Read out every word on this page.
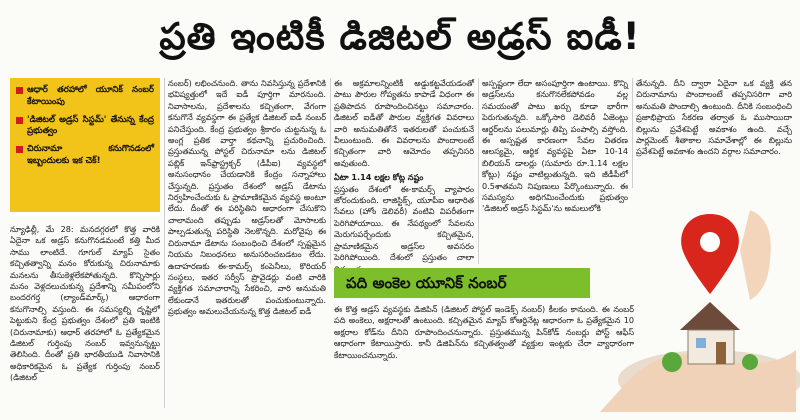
ప్రతి ఇంటికీ డిజిటల్ అడ్రస్ ఐడీ!
ఆధార్ తరహాలో యూనిక్ నంబర్ కేటాయింపు
'డిజిటల్ అడ్రస్ సిస్టమ్' తేనున్న కేంద్ర ప్రభుత్వం
చిరునామా కనుగొనడంలో ఇబ్బందులకు ఇక చెక్!

న్యూఢిల్లీ, మే 28: మనదగ్గరలో కొత్త వారికి ఏదైనా ఒక అడ్రస్ కనుగొనడమంటే కత్తి మీద సాము లాంటిదే. గూగుల్ మ్యాప్ సైతం కచ్చితత్వాన్ని మనం కోరుకున్న చిరునామాకు మనలను తీసుకెళ్లలేకపోతున్నది. కొన్నిసార్లు మనం వెళ్లదలుచుకున్న ప్రదేశాన్ని సమీపంలోని బందరగర్త (ల్యాండ్‌మార్క్) ఆధారంగా కనుగొనాల్సి వస్తుంది. ఈ సమస్యల్ని దృష్టిలో పెట్టుకుని కేంద్ర ప్రభుత్వం దేశంలో ప్రతి ఇంటికి (చిరునామాకు) ఆధార్ తరహాలో ఓ ప్రత్యేకమైన డిజిటల్ గుర్తింపు నంబర్ ఇవ్వనున్నట్టు తెలిసింది. దీంతో ప్రతి భారతీయుడి నివాసానికి అధికారికమైన ఓ ప్రత్యేక గుర్తింపు నంబర్ (డిజిటల్

నంబర్) లభించనుంది. తాను నివసిస్తున్న ప్రదేశానికి భవిష్యత్తులో ఇదే ఐడీ పూర్తిగా మారనుంది. నివాసాలను, ప్రదేశాలను కచ్చితంగా, వేగంగా కనుగొనే వ్యవస్థగా ఈ ప్రత్యేక డిజిటల్ ఐడీ నంబర్ పనిచేస్తుంది. కేంద్ర ప్రభుత్వం శ్రీకారం చుట్టనున్న ఓ అంగ్ల ప్రతిక వార్తా కథనాన్ని ప్రచురించింది. ప్రస్తుతమున్న పోస్టల్ చిరునామా లను డిజిటల్ పబ్లిక్ ఇన్‌ఫ్రాస్ట్రక్చర్ (డీపీఐ) వ్యవస్థలో అనుసంధానం చేయడానికి కేంద్రం సన్నాహాలు చేస్తున్నది. ప్రస్తుతం దేశంలో అడ్రస్ డేటాను నిర్వహించేందుకు ఓ ప్రామాణికమైన వ్యవస్థ అంటూ లేదు. దీంతో ఈ పరిస్థితిని ఆధారంగా చేసుకొని చాలామంది తప్పుడు అడ్రస్‌లతో మోసాలకు పాల్పడుతున్న పరిస్థితి నెలకొన్నది. మరోవైపు ఈ చిరునామా డేటాను సంబంధించి దేశంలో స్పష్టమైన నియమ నిబంధనలు అనుసరించబడటం లేదు. ఉదాహరణకు ఈ-కామర్స్ కంపెనీలు, కొరియర్ సంస్థలు, ఇతర సర్వీస్ ప్రొవైడర్లు వంటి వారికి వ్యక్తిగత సమాచారాన్ని సేకరించి, వారి అనుమతి లేకుండానే ఇతరులతో పంచుకుంటున్నారు. ప్రభుత్వం అమలుచేయనున్న కొత్త డిజిటల్ ఐడీ

ఈ అక్రమాలన్నింటికీ అడ్డుకట్టవేయడంతో పాటు పౌరుల గోప్యతను కాపాడే విధంగా ఈ ప్రతిపాదన రూపొందించినట్టు సమాచారం. డిజిటల్ ఐడీతో పౌరుల వ్యక్తిగత వివరాలు వారి అనుమతితోనే ఇతరులతో పంచుకునే వీలుంటుంది. ఈ వివరాలను పొందాలంటే కచ్చితంగా వారి ఆమోదం తప్పనిసరి అవుతుంది.

ఏటా 1.14 లక్షల కోట్ల నష్టం

ప్రస్తుతం దేశంలో ఈ-కామర్స్ వ్యాపారం జోరందుకుంది. లాజిస్టిక్స్, యూపీఐ ఆధారిత సేవలు (హోం డెలివరీ) వంటివి విపరీతంగా పెరిగిపోయాయి. ఈ నేపథ్యంలో సేవలను మెరుగుపర్చేందుకు కచ్చితమైన, ప్రామాణికమైన అడ్రస్‌ల అవసరం పెరిగిపోయింది. దేశంలో ప్రస్తుతం చాలా

అస్పష్టంగా లేదా అసంపూర్తిగా ఉంటాయి. కొన్ని అడ్రస్‌లను కనుగొనలేకపోవడం వల్ల సమయంతో పాటు ఖర్చు కూడా భారీగా పెరుగుతున్నది. ఒక్కోసారి డెలివరీ ఏజెంట్లు ఆర్డర్‌లను పలుమార్లు తిప్పి పంపాల్సి వస్తోంది. ఈ అస్పష్టత కారణంగా సేవల వితరణ ఆలస్యమై, ఆర్థిక వ్యవస్థపై ఏటా 10-14 బిలియన్ డాలర్లు (సుమారు రూ.1.14 లక్షల కోట్లు) నష్టం వాటిల్లుతున్నది. ఇది జీడీపీలో 0.5శాతమని నిపుణులు పేర్కొంటున్నారు. ఈ సమస్యను అధిగమించేందుకు ప్రభుత్వం 'డిజిటల్ అడ్రస్ సిస్టమ్'ను అమలులోకి

తేనున్నది. దీని ద్వారా ఏదైనా ఒక వ్యక్తి తన చిరునామాను పొందాలంటే తప్పనిసరిగా వారి అనుమతి పొందాల్సి ఉంటుంది. దీనికి సంబంధించి ప్రజాభిప్రాయ సేకరణ తర్వాత ఓ ముసాయిదా బిల్లును ప్రవేశపెట్టే అవకాశం ఉంది. వచ్చే పార్లమెంట్ శీతాకాల సమావేశాల్లో ఈ బిల్లును ప్రవేశపెట్టే అవకాశం ఉందని వర్గాల సమాచారం.

పది అంకెల యూనిక్ నంబర్
ఈ కొత్త అడ్రస్ వ్యవస్థకు డిజిపిన్ (డిజిటల్ పోస్టల్ ఇండెక్స్ నంబర్) కీలకం కానుంది. ఈ నంబర్ పది అంకెలు, అక్షరాలతో ఉంటుంది. కచ్చితమైన మ్యాప్ కోఆర్డినేట్ల ఆధారంగా ఓ ప్రత్యేకమైన 10 అక్షరాల కోడ్‌ను దీనిని రూపొందించనున్నారు. ప్రస్తుతమున్న పిన్‌కోడ్ నంబర్లు పోస్ట్ ఆఫీస్ ఆధారంగా కేటాయిస్తారు. కానీ డిజిపిన్‌ను కచ్చితత్వంతో వ్యక్తుల ఇంట్లకు చేరా వ్యాధారంగా కేటాయించనున్నారు.
